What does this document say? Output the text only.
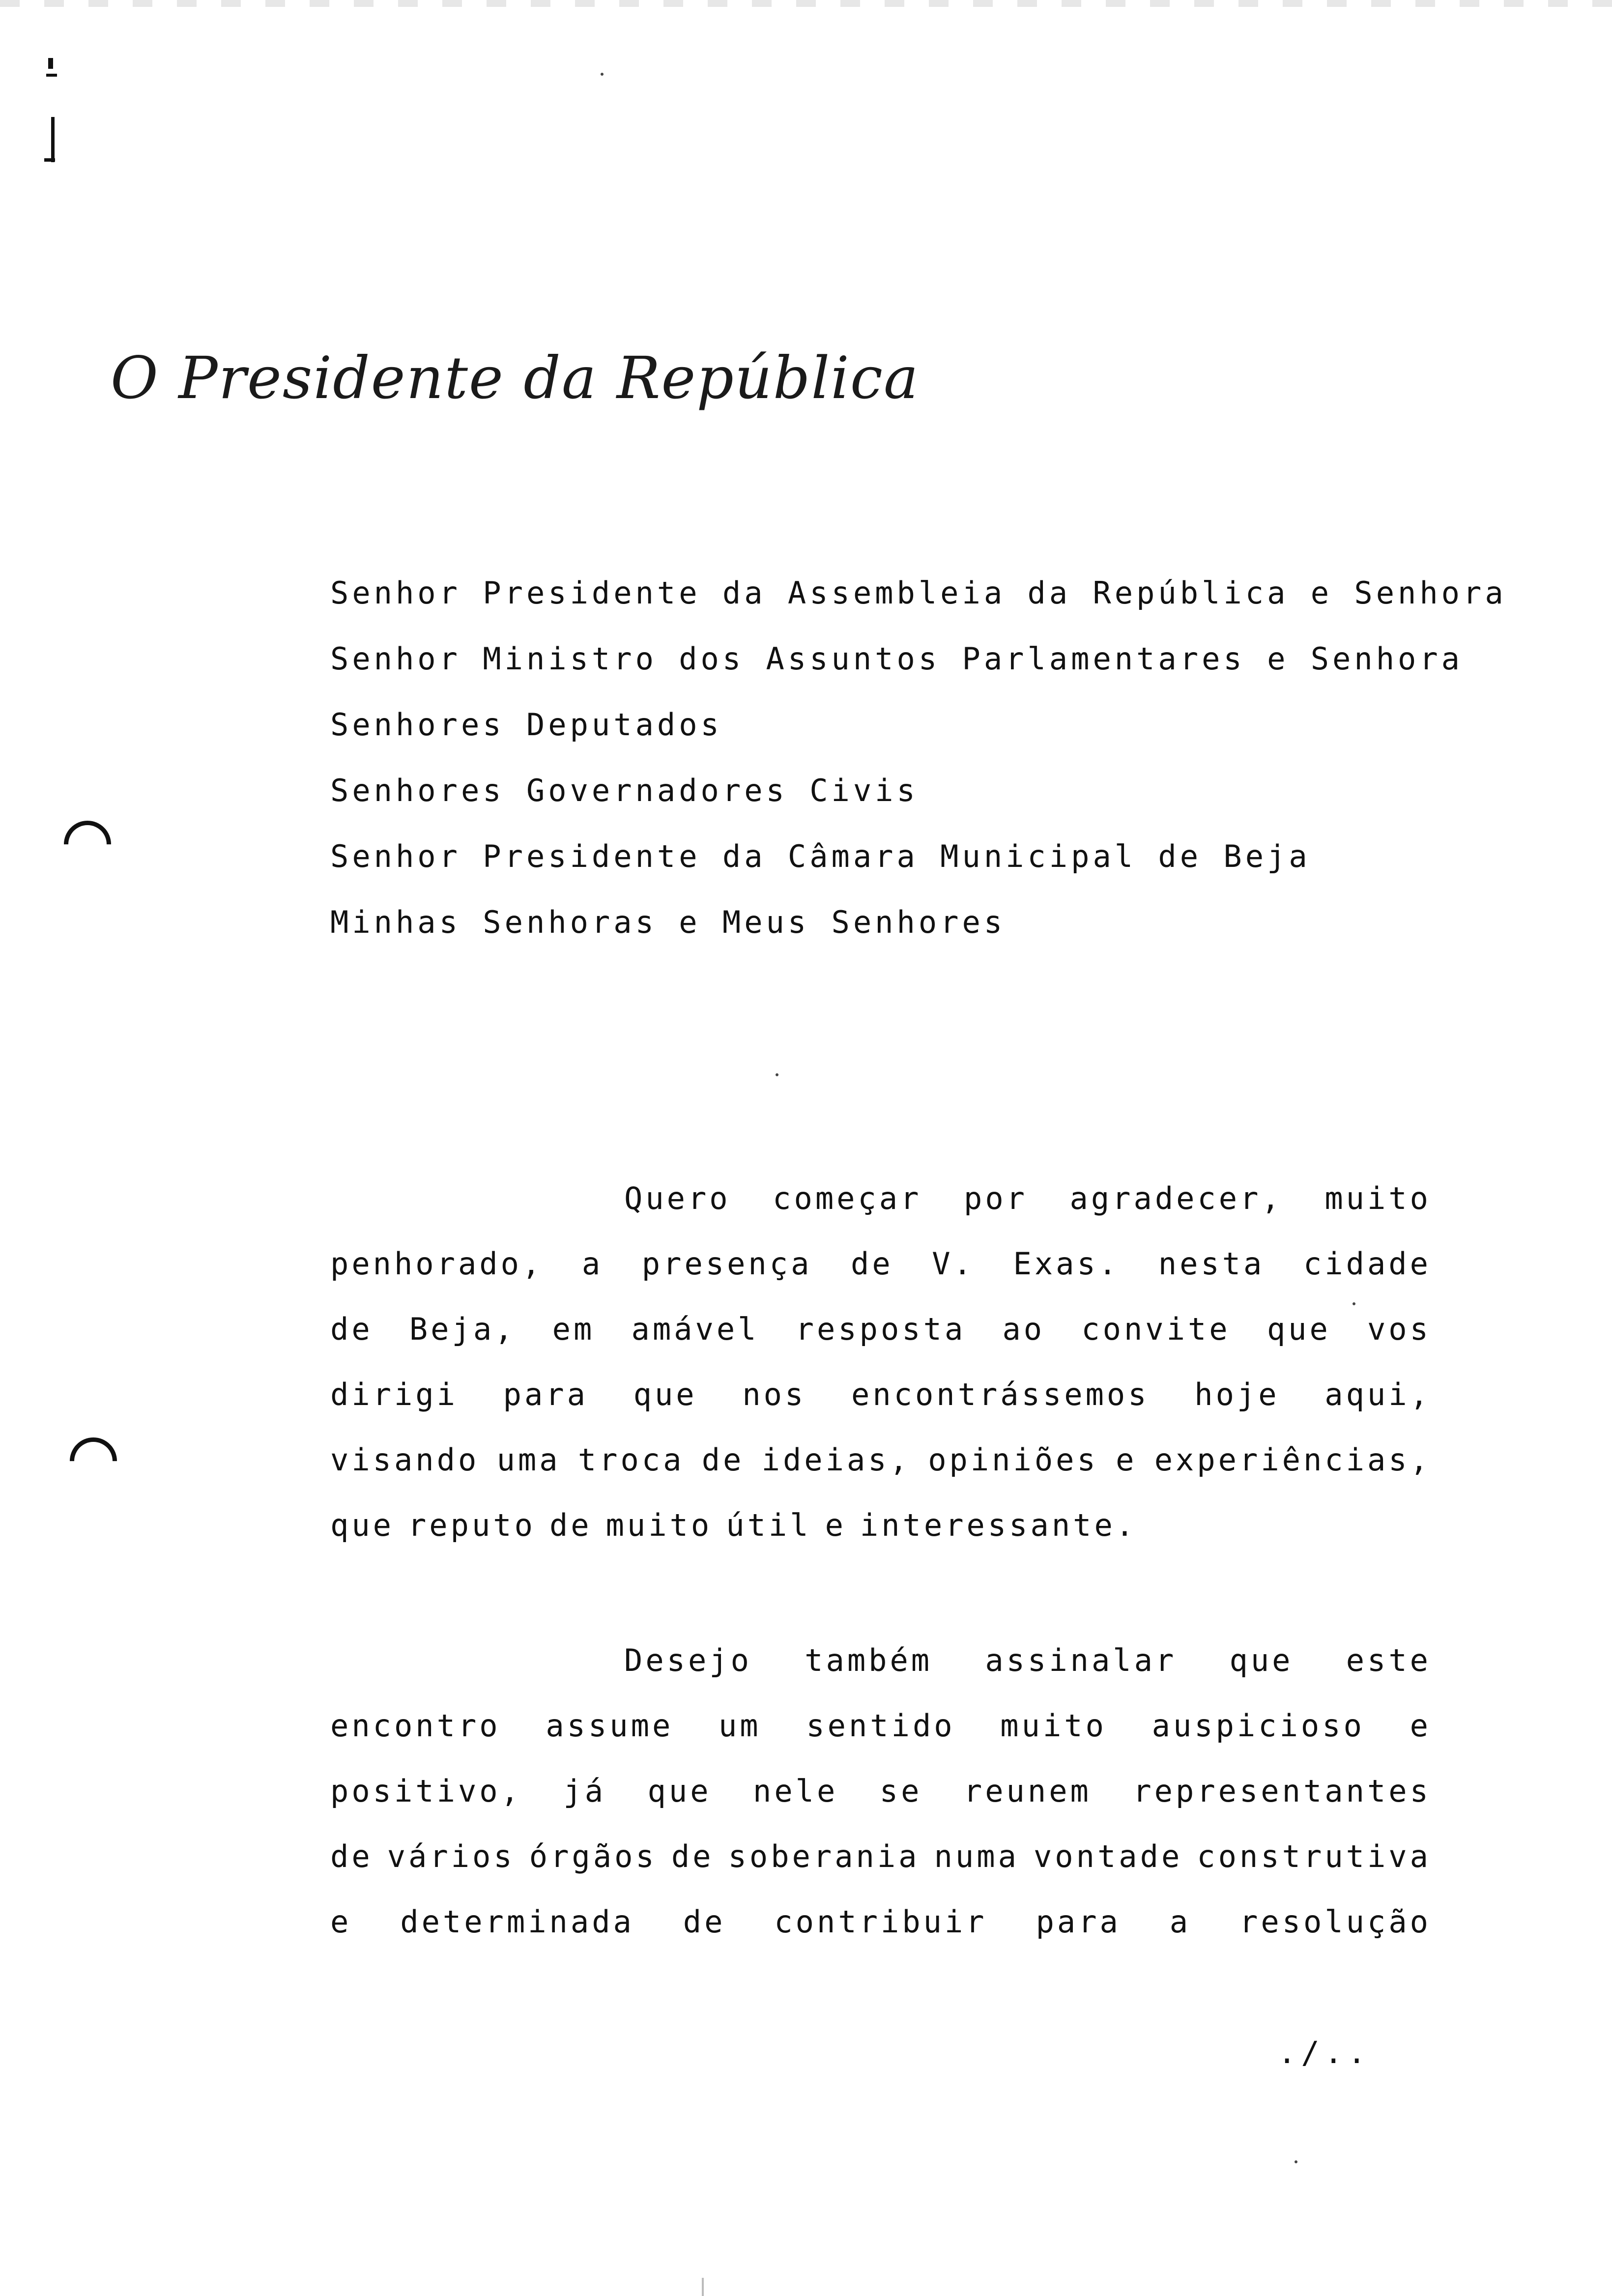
O Presidente da República
Senhor Presidente da Assembleia da República e Senhora
Senhor Ministro dos Assuntos Parlamentares e Senhora
Senhores Deputados
Senhores Governadores Civis
Senhor Presidente da Câmara Municipal de Beja
Minhas Senhoras e Meus Senhores
Quero começar por agradecer, muito
penhorado, a presença de V. Exas. nesta cidade
de Beja, em amável resposta ao convite que vos
dirigi para que nos encontrássemos hoje aqui,
visando uma troca de ideias, opiniões e experiências,
que reputo de muito útil e interessante.
Desejo também assinalar que este
encontro assume um sentido muito auspicioso e
positivo, já que nele se reunem representantes
de vários órgãos de soberania numa vontade construtiva
e determinada de contribuir para a resolução
./..
